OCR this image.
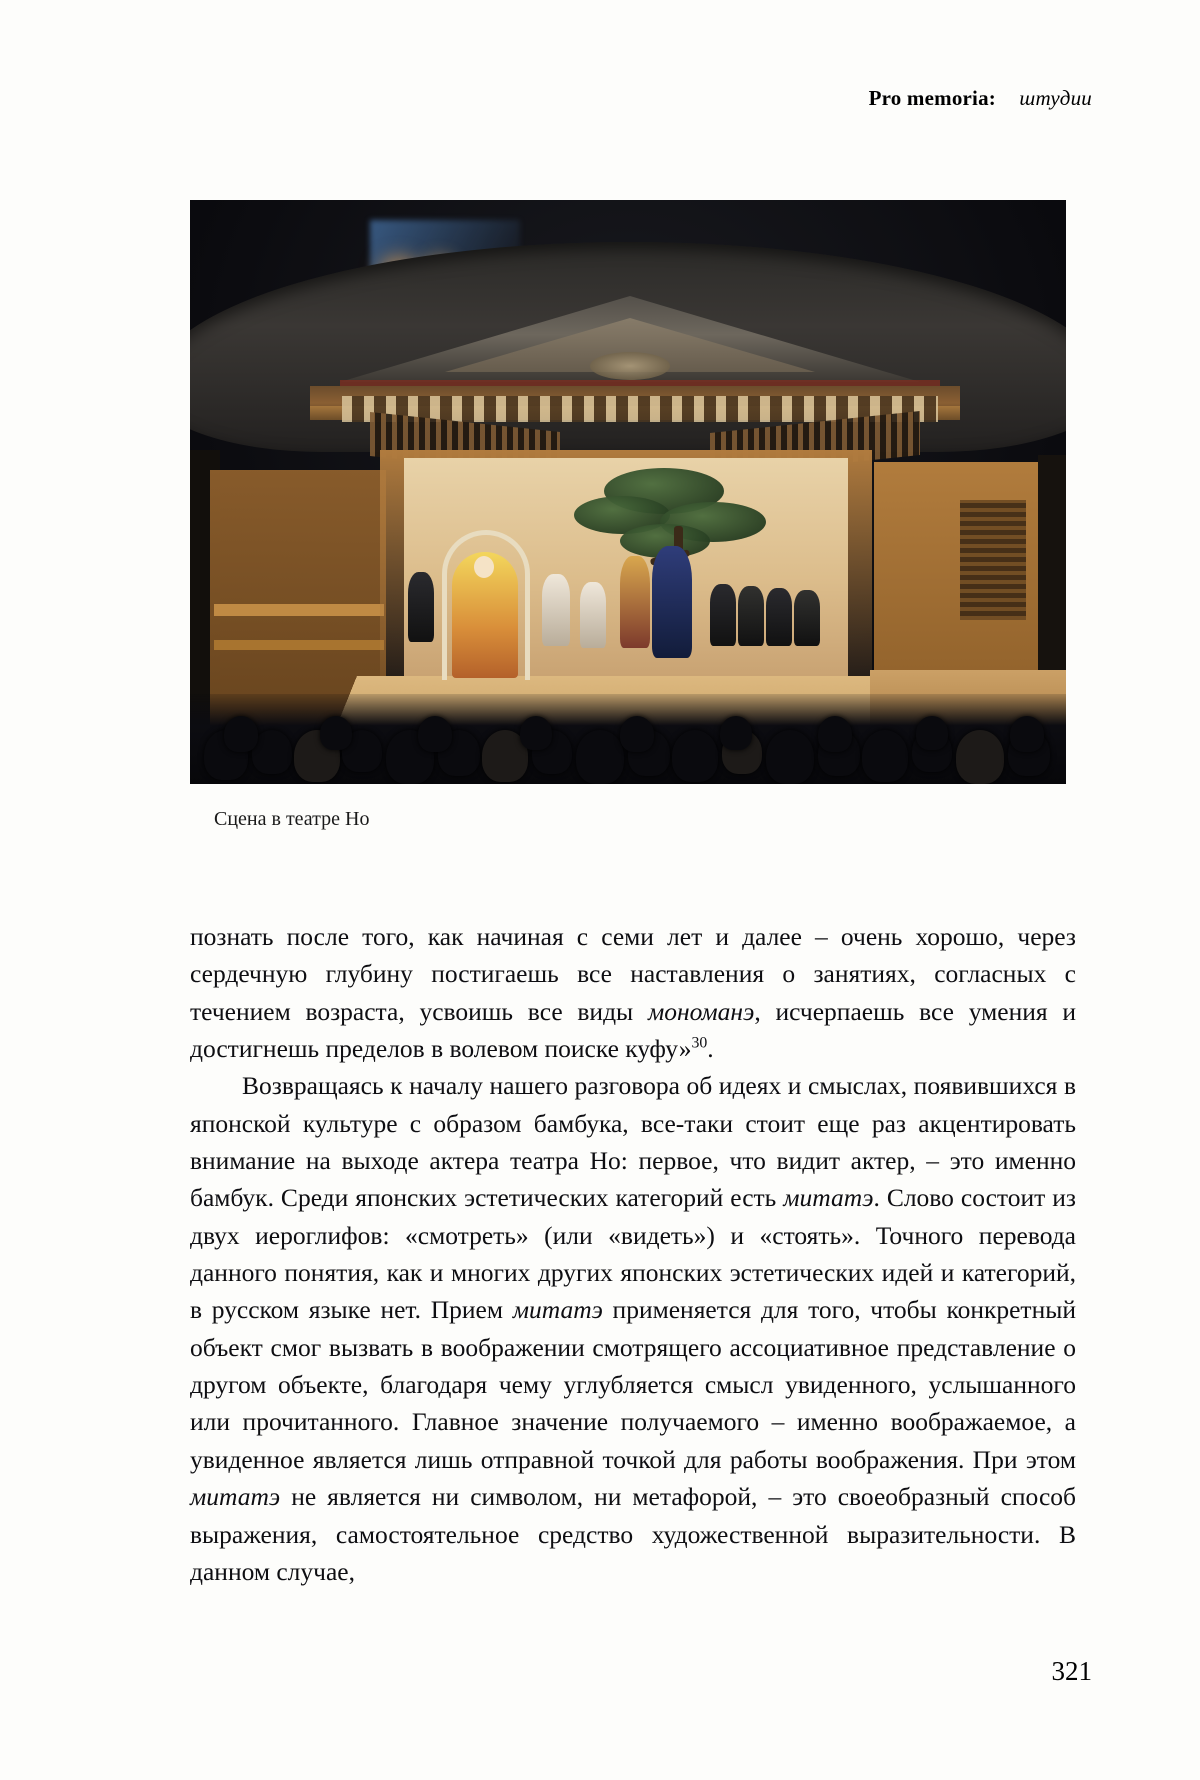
Pro memoria: штудии
Сцена в театре Но

познать после того, как начиная с семи лет и далее – очень хорошо, через сердечную глубину постигаешь все наставления о занятиях, согласных с течением возраста, усвоишь все виды мономанэ, исчерпаешь все умения и достигнешь пределов в волевом поиске куфу»$^{30}$.

Возвращаясь к началу нашего разговора об идеях и смыслах, появившихся в японской культуре с образом бамбука, все-таки стоит еще раз акцентировать внимание на выходе актера театра Но: первое, что видит актер, – это именно бамбук. Среди японских эстетических категорий есть митатэ. Слово состоит из двух иероглифов: «смотреть» (или «видеть») и «стоять». Точного перевода данного понятия, как и многих других японских эстетических идей и категорий, в русском языке нет. Прием митатэ применяется для того, чтобы конкретный объект смог вызвать в воображении смотрящего ассоциативное представление о другом объекте, благодаря чему углубляется смысл увиденного, услышанного или прочитанного. Главное значение получаемого – именно воображаемое, а увиденное является лишь отправной точкой для работы воображения. При этом митатэ не является ни символом, ни метафорой, – это своеобразный способ выражения, самостоятельное средство художественной выразительности. В данном случае,

321
